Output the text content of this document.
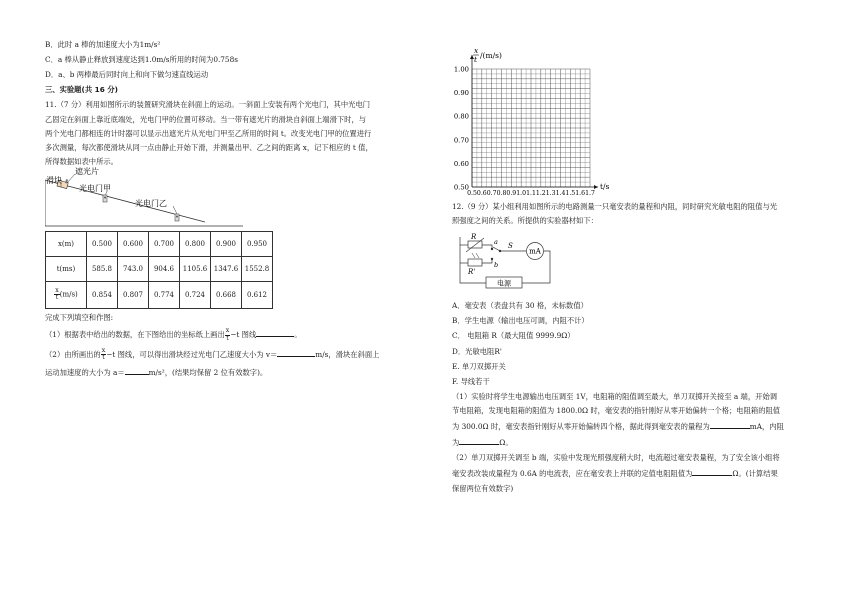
B．此时 a 棒的加速度大小为1m/s²

C．a 棒从静止释放到速度达到1.0m/s所用的时间为0.758s

D．a、b 两棒最后同时向上和向下做匀速直线运动

三、实验题(共 16 分)

11.（7 分）利用如图所示的装置研究滑块在斜面上的运动。一斜面上安装有两个光电门，其中光电门

乙固定在斜面上靠近底端处，光电门甲的位置可移动。当一带有遮光片的滑块自斜面上端滑下时，与

两个光电门都相连的计时器可以显示出遮光片从光电门甲至乙所用的时间 t。改变光电门甲的位置进行

多次测量，每次都使滑块从同一点由静止开始下滑，并测量出甲、乙之间的距离 x，记下相应的 t 值，

所得数据如表中所示。

遮光片
滑块
光电门甲
光电门乙
x(m)	0.500	0.600	0.700	0.800	0.900	0.950
t(ms)	585.8	743.0	904.6	1105.6	1347.6	1552.8

$\frac{x}{t} (m/s)$	0.854	0.807	0.774	0.724	0.668	0.612

完成下列填空和作图:

（1）根据表中给出的数据，在下图给出的坐标纸上画出 $\frac{x}{t} -t$ 图线	。

（2）由所画出的 $\frac{x}{t} -t$ 图线，可以得出滑块经过光电门乙速度大小为 v＝	m/s，滑块在斜面上

运动加速度的大小为 a＝	m/s²，(结果均保留 2 位有效数字)。

1.00
0.90
0.80
0.70
0.60
0.50
0.5 0.6 0.7 0.8 0.9 1.0 1.1 1.2 1.3 1.4 1.5 1.6 1.7
x
t /(m/s)
t/s

12.（9 分）某小组利用如图所示的电路测量一只毫安表的量程和内阻，同时研究光敏电阻的阻值与光

照强度之间的关系。所提供的实验器材如下：

mA
电源
R
R'
a
b
S

A．毫安表（表盘共有 30 格，未标数值）

B．学生电源（输出电压可调，内阻不计）

C． 电阻箱 R（最大阻值 9999.9Ω）

D．光敏电阻R'

E. 单刀双掷开关

F. 导线若干

（1）实验时将学生电源输出电压调至 1V，电阻箱的阻值调至最大，单刀双掷开关接至 a 端，开始调

节电阻箱，发现电阻箱的阻值为 1800.0Ω 时，毫安表的指针刚好从零开始偏转一个格；电阻箱的阻值

为 300.0Ω 时，毫安表指针刚好从零开始偏转四个格，据此得到毫安表的量程为	mA，内阻

为	Ω。

（2）单刀双掷开关调至 b 端，实验中发现光照强度稍大时，电流超过毫安表量程，为了安全该小组将

毫安表改装成量程为 0.6A 的电流表，应在毫安表上并联的定值电阻阻值为	Ω。(计算结果

保留两位有效数字)
